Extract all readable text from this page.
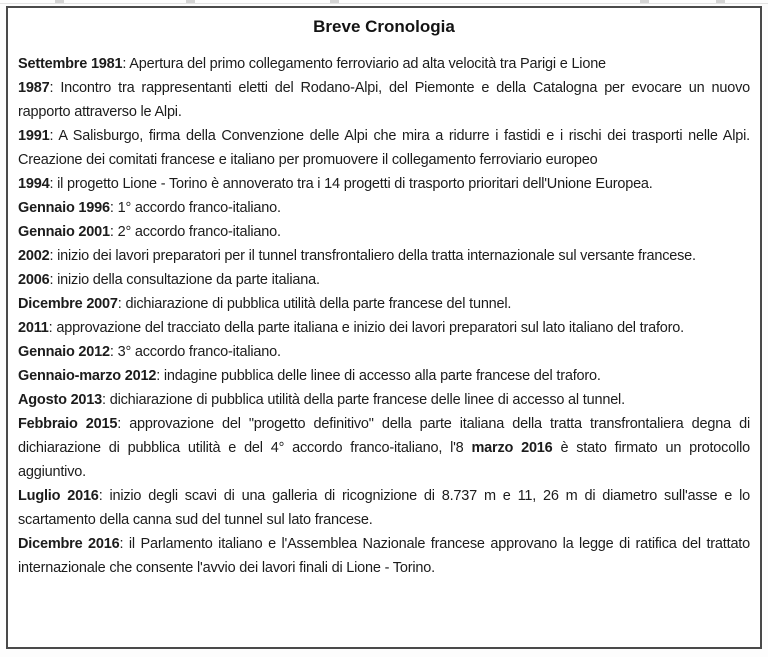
Breve Cronologia

Settembre 1981: Apertura del primo collegamento ferroviario ad alta velocità tra Parigi e Lione

1987: Incontro tra rappresentanti eletti del Rodano-Alpi, del Piemonte e della Catalogna per evocare un nuovo rapporto attraverso le Alpi.

1991: A Salisburgo, firma della Convenzione delle Alpi che mira a ridurre i fastidi e i rischi dei trasporti nelle Alpi. Creazione dei comitati francese e italiano per promuovere il collegamento ferroviario europeo

1994: il progetto Lione - Torino è annoverato tra i 14 progetti di trasporto prioritari dell'Unione Europea.

Gennaio 1996: 1° accordo franco-italiano.

Gennaio 2001: 2° accordo franco-italiano.

2002: inizio dei lavori preparatori per il tunnel transfrontaliero della tratta internazionale sul versante francese.

2006: inizio della consultazione da parte italiana.

Dicembre 2007: dichiarazione di pubblica utilità della parte francese del tunnel.

2011: approvazione del tracciato della parte italiana e inizio dei lavori preparatori sul lato italiano del traforo.

Gennaio 2012: 3° accordo franco-italiano.

Gennaio-marzo 2012: indagine pubblica delle linee di accesso alla parte francese del traforo.

Agosto 2013: dichiarazione di pubblica utilità della parte francese delle linee di accesso al tunnel.

Febbraio 2015: approvazione del "progetto definitivo" della parte italiana della tratta transfrontaliera degna di dichiarazione di pubblica utilità e del 4° accordo franco-italiano, l'8 marzo 2016 è stato firmato un protocollo aggiuntivo.

Luglio 2016: inizio degli scavi di una galleria di ricognizione di 8.737 m e 11, 26 m di diametro sull'asse e lo scartamento della canna sud del tunnel sul lato francese.

Dicembre 2016: il Parlamento italiano e l'Assemblea Nazionale francese approvano la legge di ratifica del trattato internazionale che consente l'avvio dei lavori finali di Lione - Torino.
